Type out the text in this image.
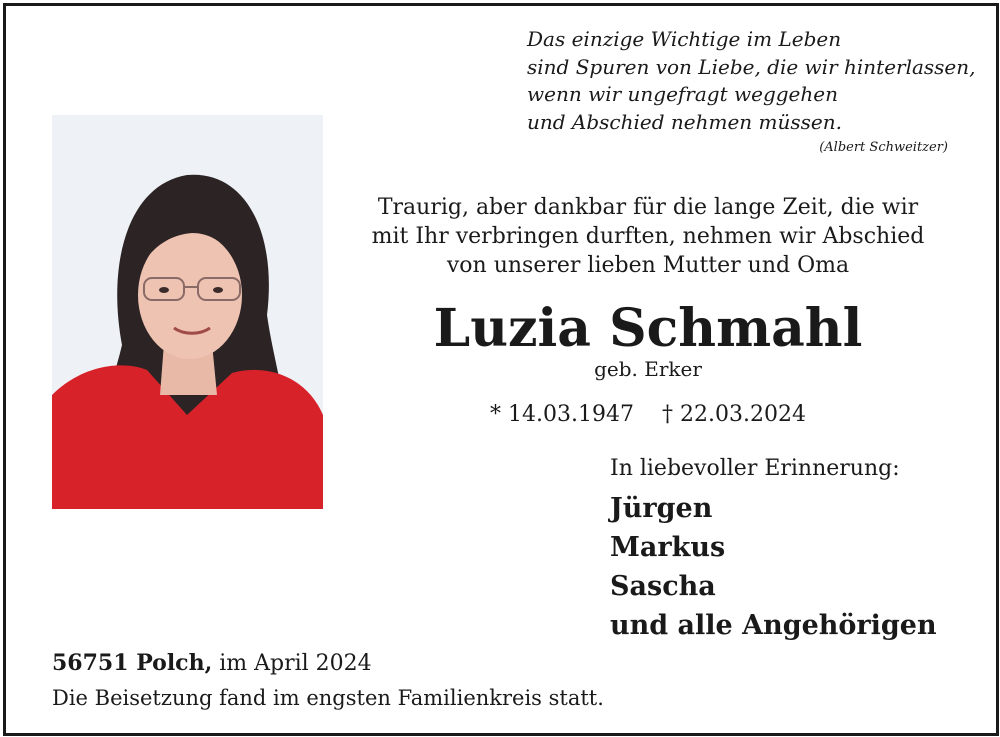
Das einzige Wichtige im Leben
sind Spuren von Liebe, die wir hinterlassen,
wenn wir ungefragt weggehen
und Abschied nehmen müssen.
(Albert Schweitzer)
Traurig, aber dankbar für die lange Zeit, die wir
mit Ihr verbringen durften, nehmen wir Abschied
von unserer lieben Mutter und Oma
Luzia Schmahl
geb. Erker
* 14.03.1947 † 22.03.2024
In liebevoller Erinnerung:
Jürgen
Markus
Sascha
und alle Angehörigen
56751 Polch, im April 2024
Die Beisetzung fand im engsten Familienkreis statt.
